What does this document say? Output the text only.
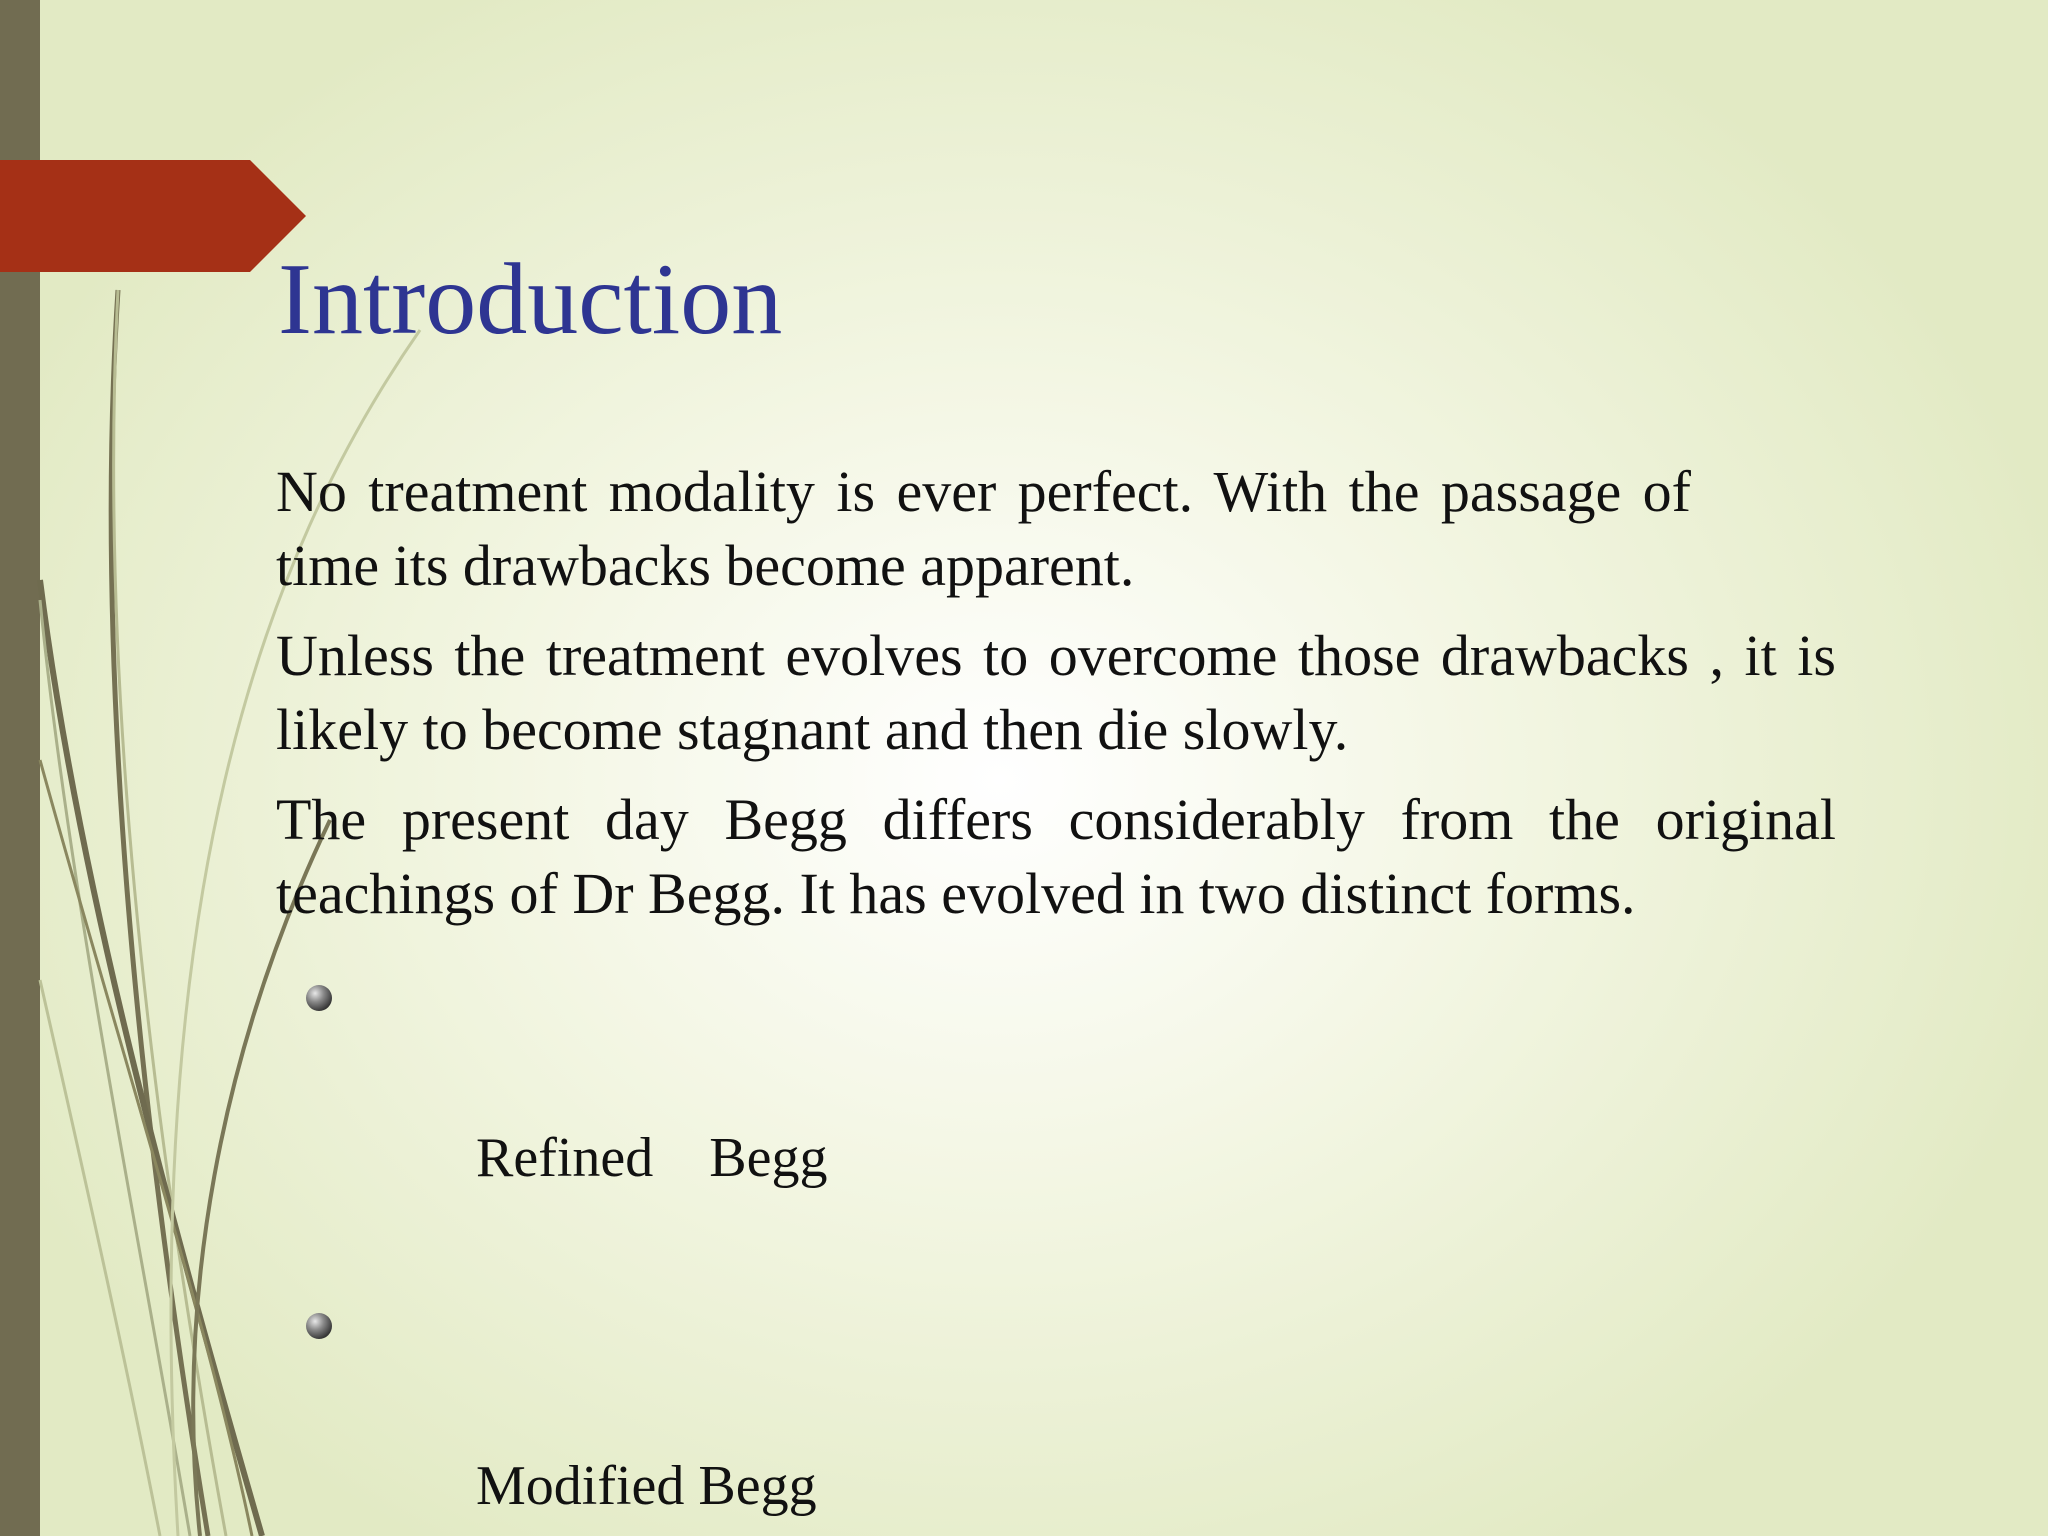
Introduction

No treatment modality is ever perfect. With the passage of time its drawbacks become apparent.

Unless the treatment evolves to overcome those drawbacks , it is likely to become stagnant and then die slowly.

The present day Begg differs considerably from the original teachings of Dr Begg. It has evolved in two distinct forms.

Refined    Begg

Modified Begg
